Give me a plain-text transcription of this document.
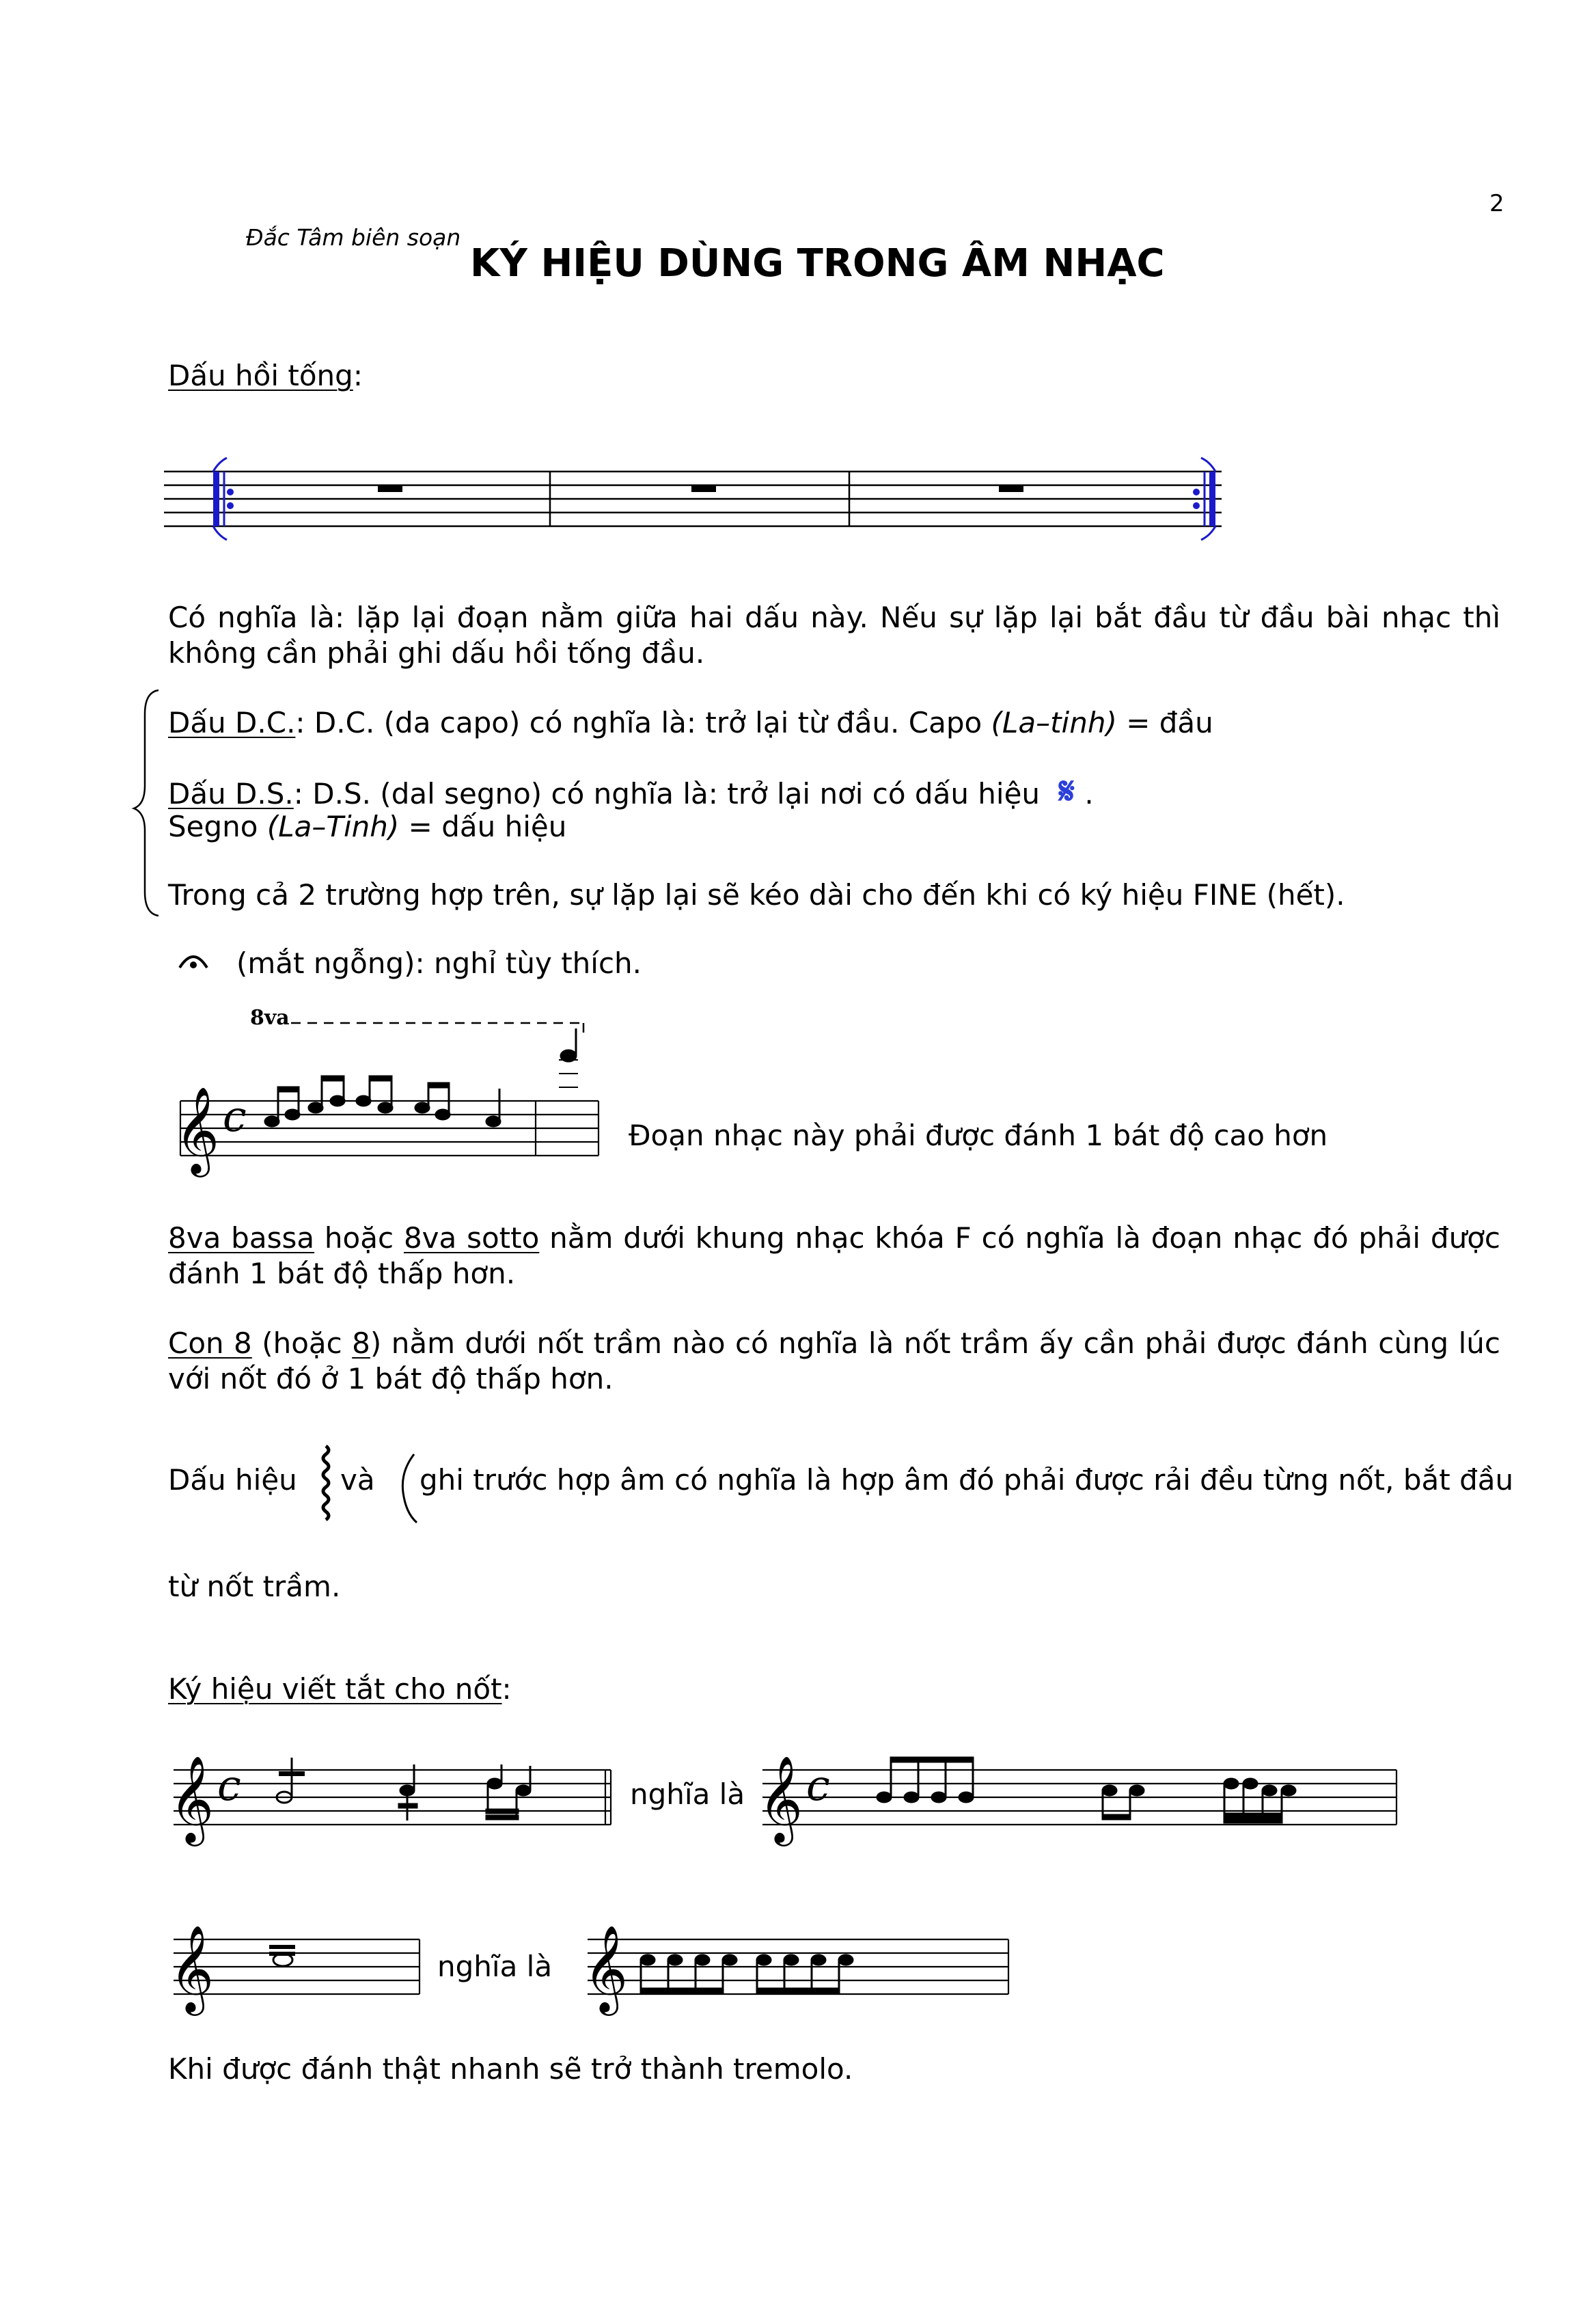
2
Đắc Tâm biên soạn
KÝ HIỆU DÙNG TRONG ÂM NHẠC
Dấu hồi tống:
Có nghĩa là: lặp lại đoạn nằm giữa hai dấu này. Nếu sự lặp lại bắt đầu từ đầu bài nhạc thì
không cần phải ghi dấu hồi tống đầu.
Dấu D.C.: D.C. (da capo) có nghĩa là: trở lại từ đầu. Capo (La–tinh) = đầu
Dấu D.S.: D.S. (dal segno) có nghĩa là: trở lại nơi có dấu hiệu 𝄋 .
Segno (La–Tinh) = dấu hiệu
Trong cả 2 trường hợp trên, sự lặp lại sẽ kéo dài cho đến khi có ký hiệu FINE (hết).
(mắt ngỗng): nghỉ tùy thích.
8va
𝄞 c	Đoạn nhạc này phải được đánh 1 bát độ cao hơn
8va bassa hoặc 8va sotto nằm dưới khung nhạc khóa F có nghĩa là đoạn nhạc đó phải được
đánh 1 bát độ thấp hơn.
Con 8 (hoặc 8) nằm dưới nốt trầm nào có nghĩa là nốt trầm ấy cần phải được đánh cùng lúc
với nốt đó ở 1 bát độ thấp hơn.
Dấu hiệu và ghi trước hợp âm có nghĩa là hợp âm đó phải được rải đều từng nốt, bắt đầu
từ nốt trầm.
Ký hiệu viết tắt cho nốt:
𝄞 c	nghĩa là 𝄞 c
𝄞	nghĩa là 𝄞
Khi được đánh thật nhanh sẽ trở thành tremolo.
